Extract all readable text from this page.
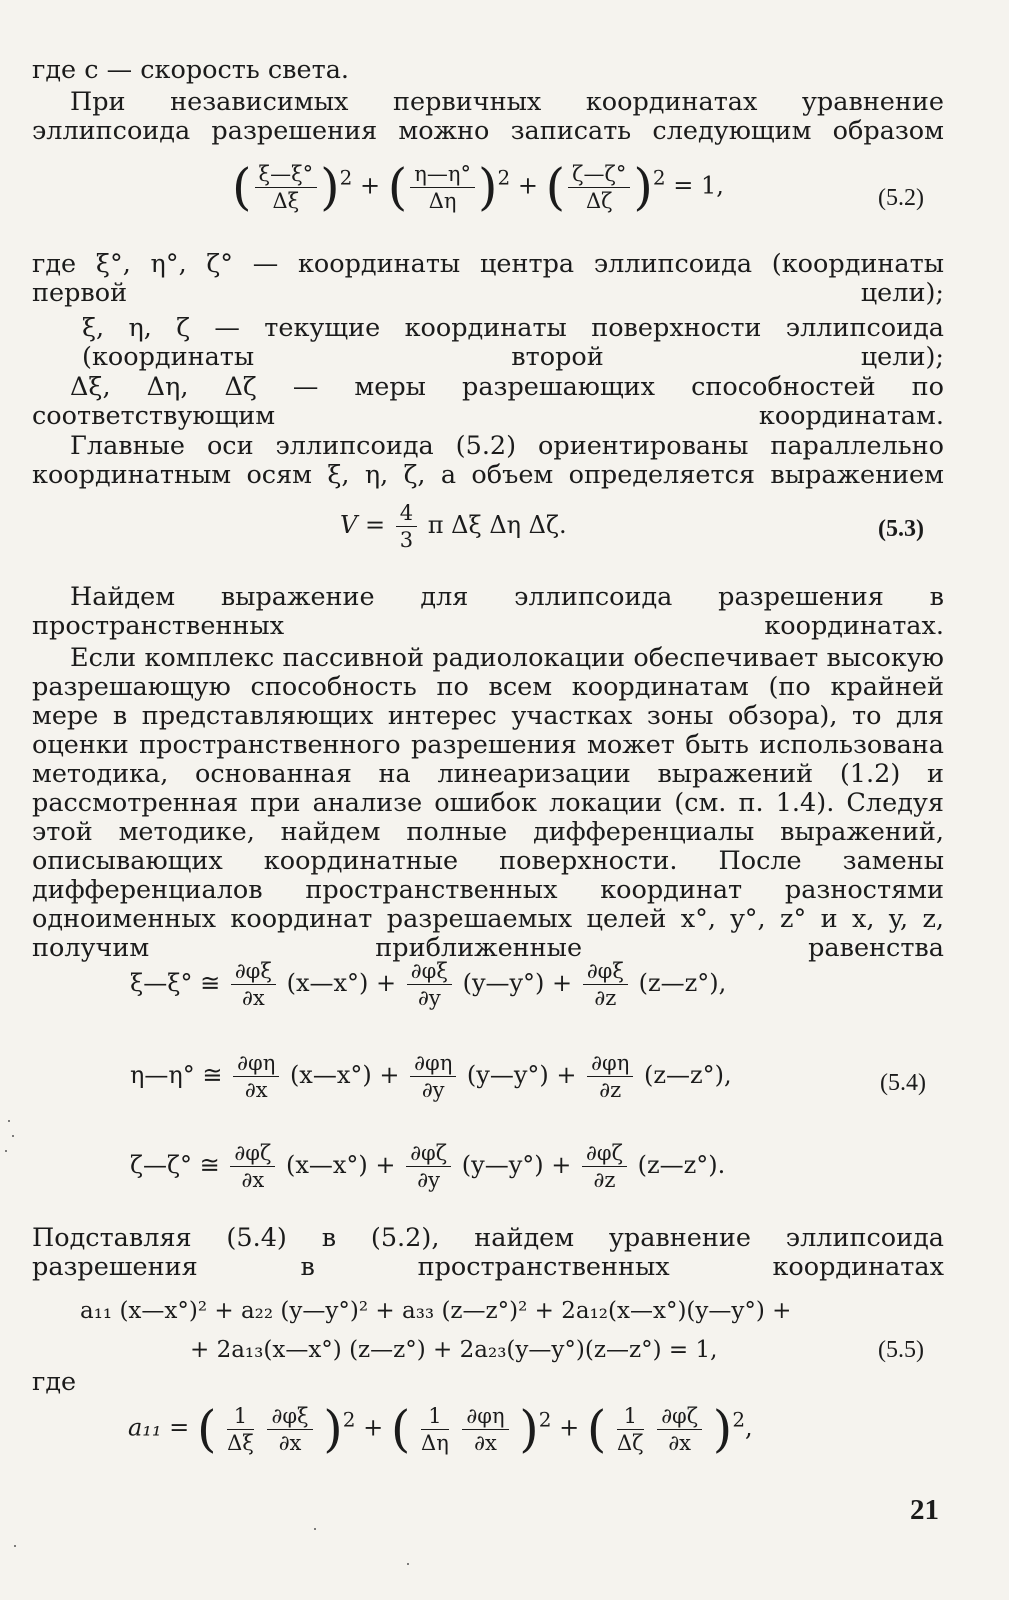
где c — скорость света.

При независимых первичных координатах уравнение эллипсоида разрешения можно записать следующим образом

( $\frac{\xi—\xi^\circ}{\Delta\xi} )^2$ + ( $\frac{\eta—\eta^\circ}{\Delta\eta} )^2$ + ( $\frac{\zeta—\zeta^\circ}{\Delta\zeta} )^2 = 1$,	(5.2)

где ξ°, η°, ζ° — координаты центра эллипсоида (координаты первой цели);

ξ, η, ζ — текущие координаты поверхности эллипсоида (координаты второй цели);

Δξ, Δη, Δζ — меры разрешающих способностей по соответствующим координатам.

Главные оси эллипсоида (5.2) ориентированы параллельно координатным осям ξ, η, ζ, а объем определяется выражением

$V = \frac{4}{3}$ π Δξ Δη Δζ.	(5.3)

Найдем выражение для эллипсоида разрешения в пространственных координатах.

Если комплекс пассивной радиолокации обеспечивает высокую разрешающую способность по всем координатам (по крайней мере в представляющих интерес участках зоны обзора), то для оценки пространственного разрешения может быть использована методика, основанная на линеаризации выражений (1.2) и рассмотренная при анализе ошибок локации (см. п. 1.4). Следуя этой методике, найдем полные дифференциалы выражений, описывающих координатные поверхности. После замены дифференциалов пространственных координат разностями одноименных координат разрешаемых целей x°, y°, z° и x, y, z, получим приближенные равенства

ξ—ξ° ≅ $\frac{\partial\varphi\xi}{\partial x}$ (x—x°) + $\frac{\partial\varphi\xi}{\partial y}$ (y—y°) + $\frac{\partial\varphi\xi}{\partial z}$ (z—z°),
η—η° ≅ $\frac{\partial\varphi\eta}{\partial x}$ (x—x°) + $\frac{\partial\varphi\eta}{\partial y}$ (y—y°) + $\frac{\partial\varphi\eta}{\partial z}$ (z—z°),	(5.4)
ζ—ζ° ≅ $\frac{\partial\varphi\zeta}{\partial x}$ (x—x°) + $\frac{\partial\varphi\zeta}{\partial y}$ (y—y°) + $\frac{\partial\varphi\zeta}{\partial z}$ (z—z°).

Подставляя (5.4) в (5.2), найдем уравнение эллипсоида разрешения в пространственных координатах

a₁₁ (x—x°)² + a₂₂ (y—y°)² + a₃₃ (z—z°)² + 2a₁₂(x—x°)(y—y°) +
+ 2a₁₃(x—x°) (z—z°) + 2a₂₃(y—y°)(z—z°) = 1,	(5.5)

где

a₁₁ = ( $\frac{1}{\Delta\xi}$
$\frac{\partial\varphi\xi}{\partial x} )^2$ + ( $\frac{1}{\Delta\eta}$
$\frac{\partial\varphi\eta}{\partial x} )^2$ + ( $\frac{1}{\Delta\zeta}$
$\frac{\partial\varphi\zeta}{\partial x} )^2$,
21
